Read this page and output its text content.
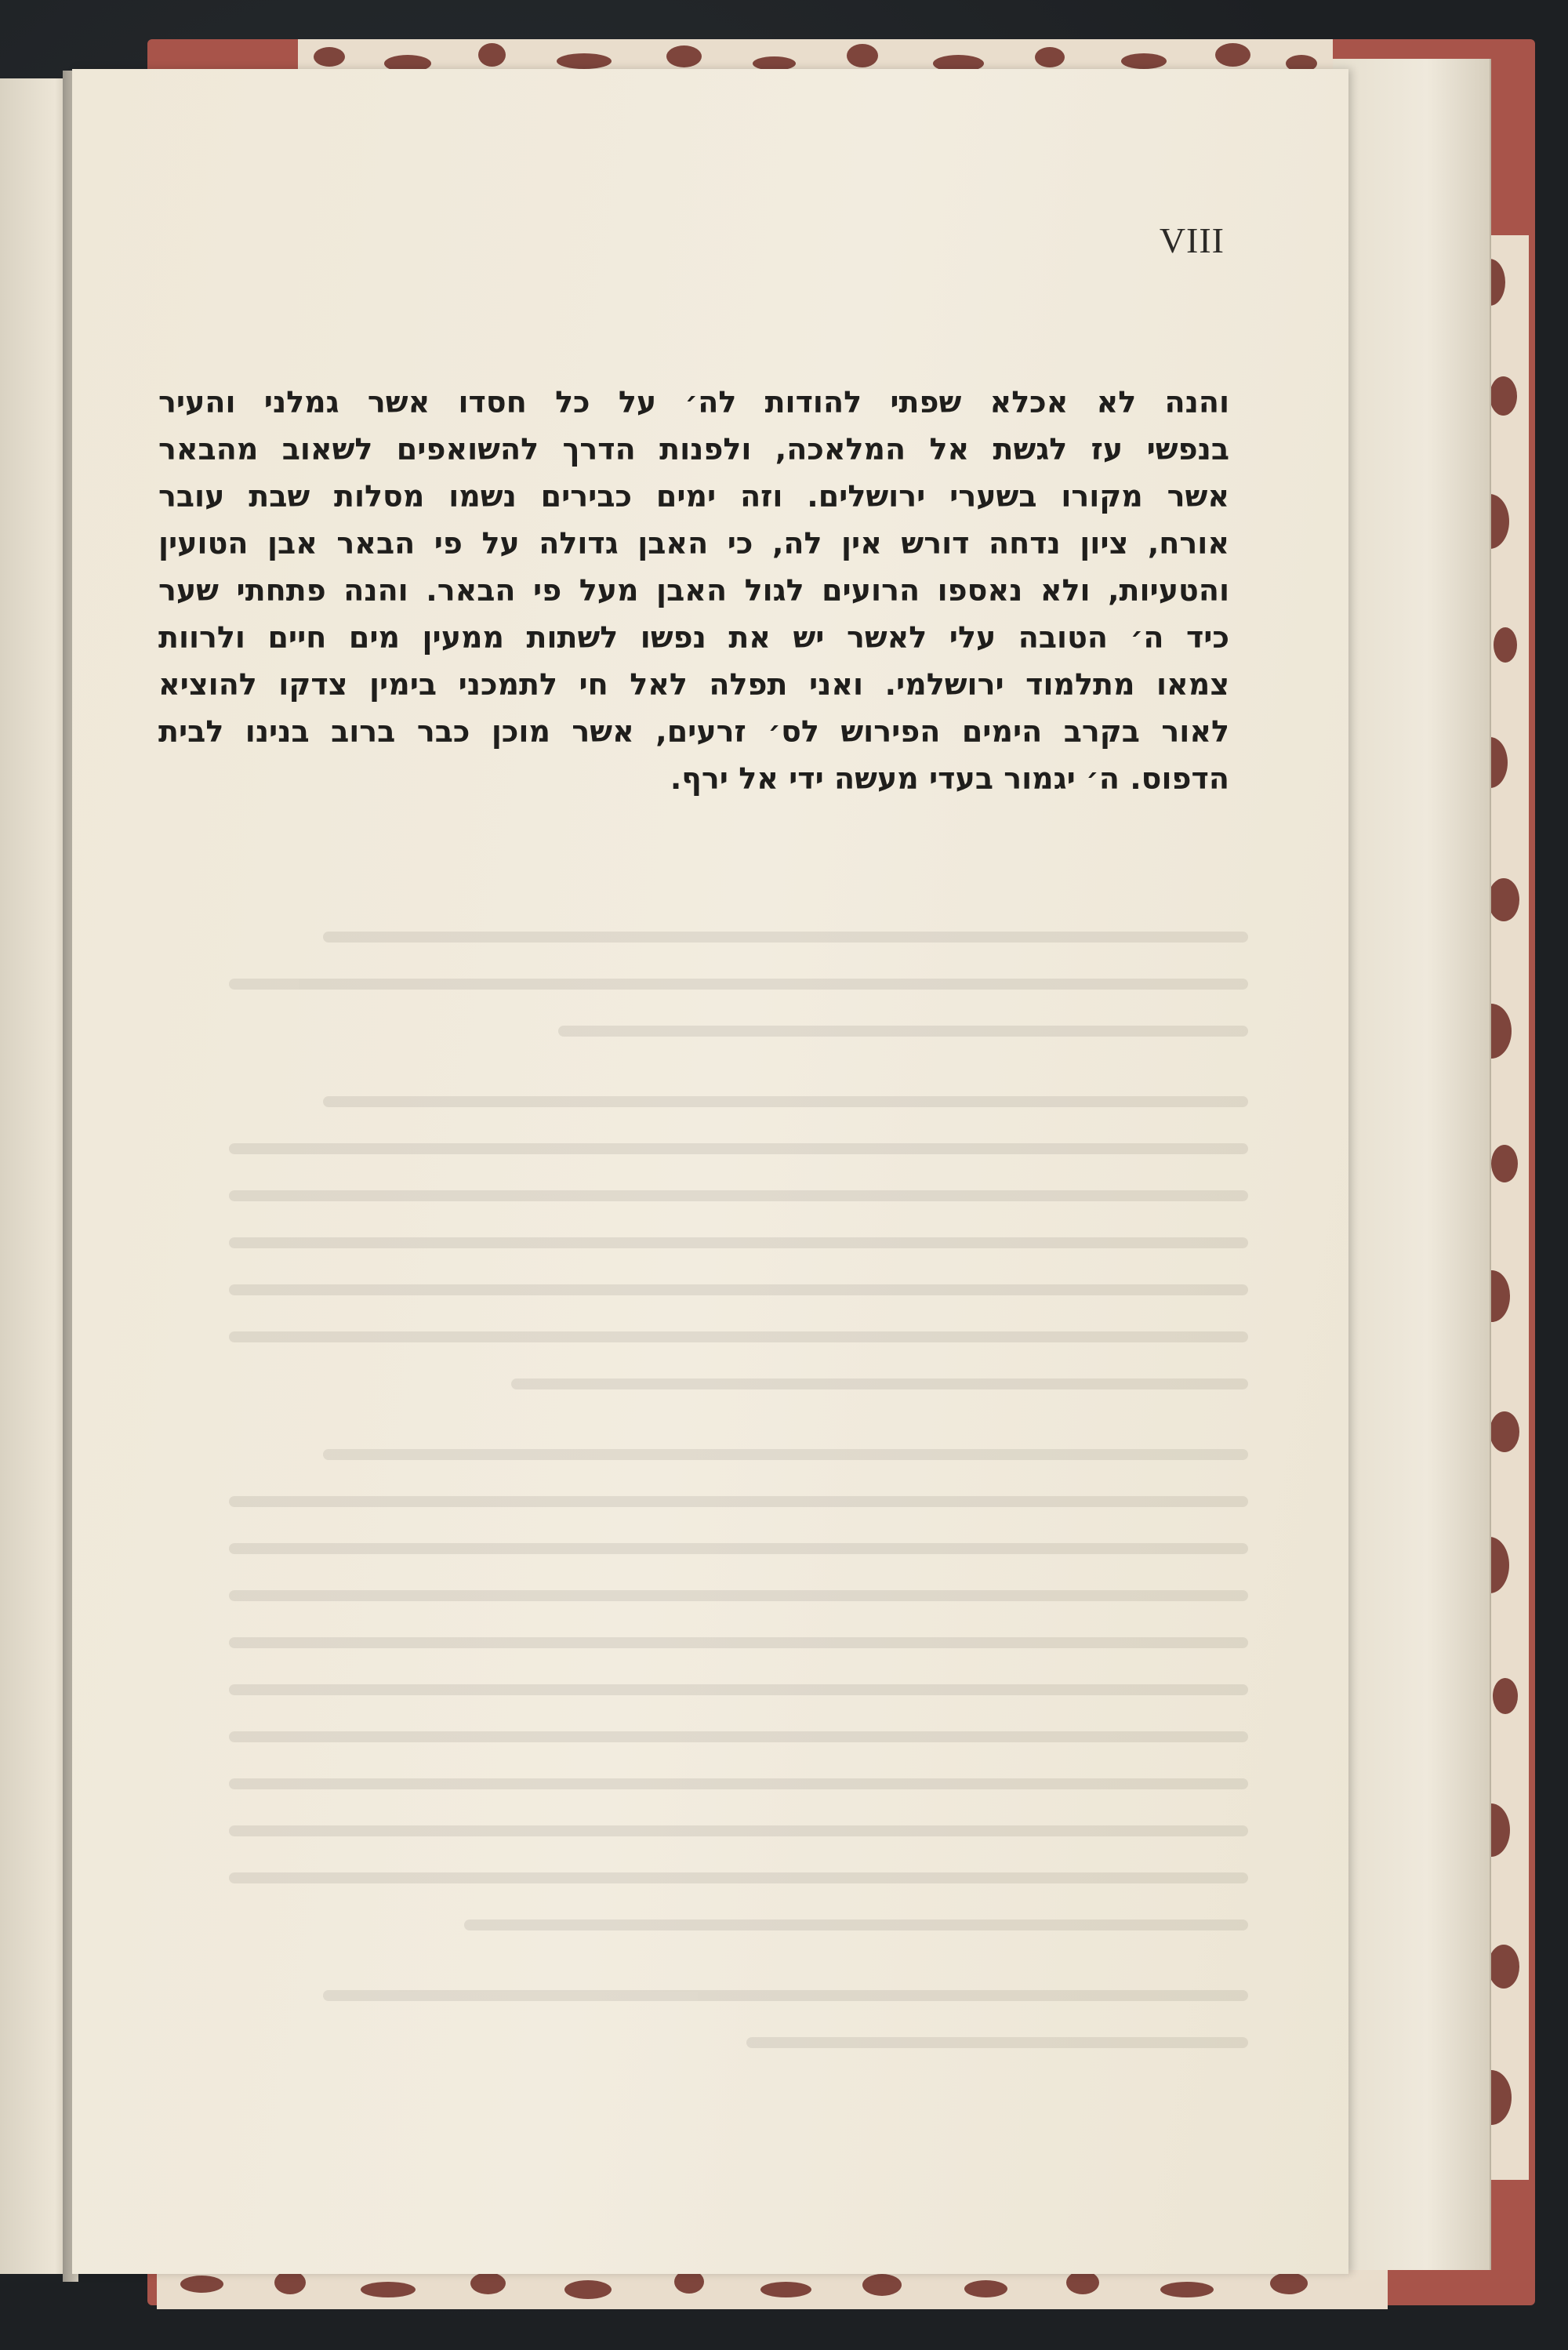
VIII
והנה לא אכלא שפתי להודות לה׳ על כל חסדו אשר גמלני והעיר
בנפשי עז לגשת אל המלאכה, ולפנות הדרך להשואפים לשאוב מהבאר
אשר מקורו בשערי ירושלים. וזה ימים כבירים נשמו מסלות שבת עובר
אורח, ציון נדחה דורש אין לה, כי האבן גדולה על פי הבאר אבן הטועין
והטעיות, ולא נאספו הרועים לגול האבן מעל פי הבאר. והנה פתחתי שער
כיד ה׳ הטובה עלי לאשר יש את נפשו לשתות ממעין מים חיים ולרוות
צמאו מתלמוד ירושלמי. ואני תפלה לאל חי לתמכני בימין צדקו להוציא
לאור בקרב הימים הפירוש לס׳ זרעים, אשר מוכן כבר ברוב בנינו לבית
הדפוס. ה׳ יגמור בעדי מעשה ידי אל ירף.
